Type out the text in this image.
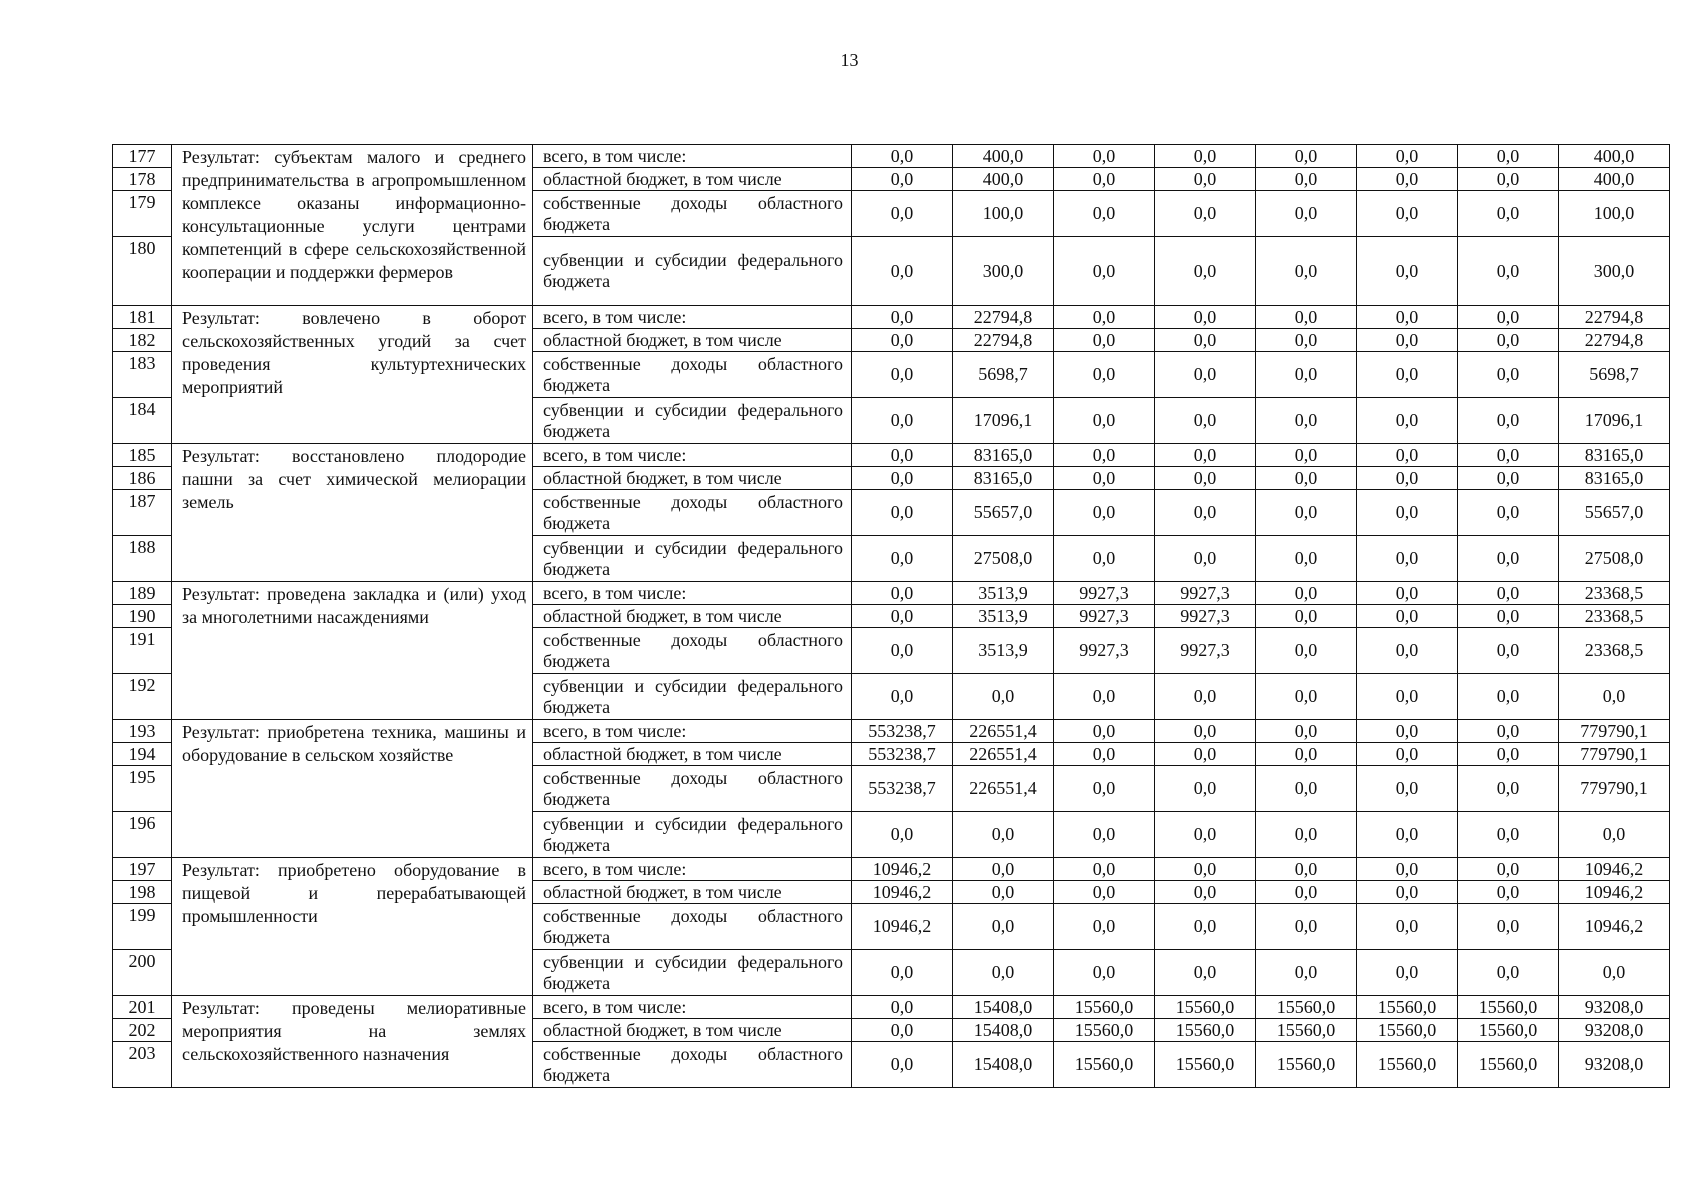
13
177	Результат: субъектам малого и среднего предпринимательства в агропромышленном комплексе оказаны информационно-консультационные услуги центрами компетенций в сфере сельскохозяйственной кооперации и поддержки фермеров	всего, в том числе:	0,0	400,0	0,0	0,0	0,0	0,0	0,0	400,0
178		областной бюджет, в том числе	0,0	400,0	0,0	0,0	0,0	0,0	0,0	400,0
179		собственные доходы областного бюджета	0,0	100,0	0,0	0,0	0,0	0,0	0,0	100,0
180		субвенции и субсидии федерального бюджета	0,0	300,0	0,0	0,0	0,0	0,0	0,0	300,0
181	Результат: вовлечено в оборот сельскохозяйственных угодий за счет проведения культуртехнических мероприятий	всего, в том числе:	0,0	22794,8	0,0	0,0	0,0	0,0	0,0	22794,8
182		областной бюджет, в том числе	0,0	22794,8	0,0	0,0	0,0	0,0	0,0	22794,8
183		собственные доходы областного бюджета	0,0	5698,7	0,0	0,0	0,0	0,0	0,0	5698,7
184		субвенции и субсидии федерального бюджета	0,0	17096,1	0,0	0,0	0,0	0,0	0,0	17096,1
185	Результат: восстановлено плодородие пашни за счет химической мелиорации земель	всего, в том числе:	0,0	83165,0	0,0	0,0	0,0	0,0	0,0	83165,0
186		областной бюджет, в том числе	0,0	83165,0	0,0	0,0	0,0	0,0	0,0	83165,0
187		собственные доходы областного бюджета	0,0	55657,0	0,0	0,0	0,0	0,0	0,0	55657,0
188		субвенции и субсидии федерального бюджета	0,0	27508,0	0,0	0,0	0,0	0,0	0,0	27508,0
189	Результат: проведена закладка и (или) уход за многолетними насаждениями	всего, в том числе:	0,0	3513,9	9927,3	9927,3	0,0	0,0	0,0	23368,5
190		областной бюджет, в том числе	0,0	3513,9	9927,3	9927,3	0,0	0,0	0,0	23368,5
191		собственные доходы областного бюджета	0,0	3513,9	9927,3	9927,3	0,0	0,0	0,0	23368,5
192		субвенции и субсидии федерального бюджета	0,0	0,0	0,0	0,0	0,0	0,0	0,0	0,0
193	Результат: приобретена техника, машины и оборудование в сельском хозяйстве	всего, в том числе:	553238,7	226551,4	0,0	0,0	0,0	0,0	0,0	779790,1
194		областной бюджет, в том числе	553238,7	226551,4	0,0	0,0	0,0	0,0	0,0	779790,1
195		собственные доходы областного бюджета	553238,7	226551,4	0,0	0,0	0,0	0,0	0,0	779790,1
196		субвенции и субсидии федерального бюджета	0,0	0,0	0,0	0,0	0,0	0,0	0,0	0,0
197	Результат: приобретено оборудование в пищевой и перерабатывающей промышленности	всего, в том числе:	10946,2	0,0	0,0	0,0	0,0	0,0	0,0	10946,2
198		областной бюджет, в том числе	10946,2	0,0	0,0	0,0	0,0	0,0	0,0	10946,2
199		собственные доходы областного бюджета	10946,2	0,0	0,0	0,0	0,0	0,0	0,0	10946,2
200		субвенции и субсидии федерального бюджета	0,0	0,0	0,0	0,0	0,0	0,0	0,0	0,0
201	Результат: проведены мелиоративные мероприятия на землях сельскохозяйственного назначения	всего, в том числе:	0,0	15408,0	15560,0	15560,0	15560,0	15560,0	15560,0	93208,0
202		областной бюджет, в том числе	0,0	15408,0	15560,0	15560,0	15560,0	15560,0	15560,0	93208,0
203		собственные доходы областного бюджета	0,0	15408,0	15560,0	15560,0	15560,0	15560,0	15560,0	93208,0
